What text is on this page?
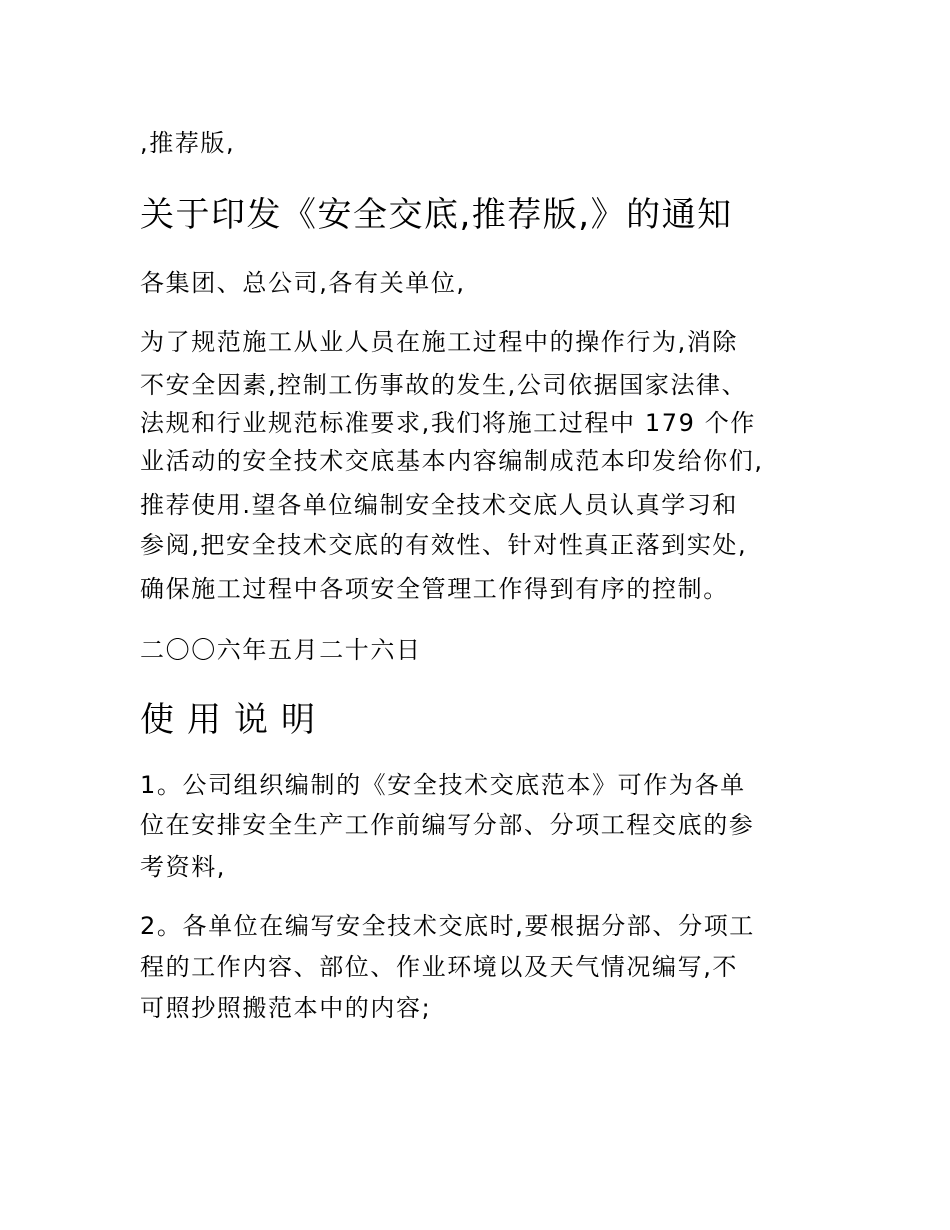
,推荐版,
关于印发《安全交底,推荐版,》的通知
各集团、总公司,各有关单位,
为了规范施工从业人员在施工过程中的操作行为,消除
不安全因素,控制工伤事故的发生,公司依据国家法律、
法规和行业规范标准要求,我们将施工过程中 179 个作
业活动的安全技术交底基本内容编制成范本印发给你们,
推荐使用.望各单位编制安全技术交底人员认真学习和
参阅,把安全技术交底的有效性、针对性真正落到实处,
确保施工过程中各项安全管理工作得到有序的控制。
二〇〇六年五月二十六日
使用说明
1。公司组织编制的《安全技术交底范本》可作为各单
位在安排安全生产工作前编写分部、分项工程交底的参
考资料,
2。各单位在编写安全技术交底时,要根据分部、分项工
程的工作内容、部位、作业环境以及天气情况编写,不
可照抄照搬范本中的内容;
